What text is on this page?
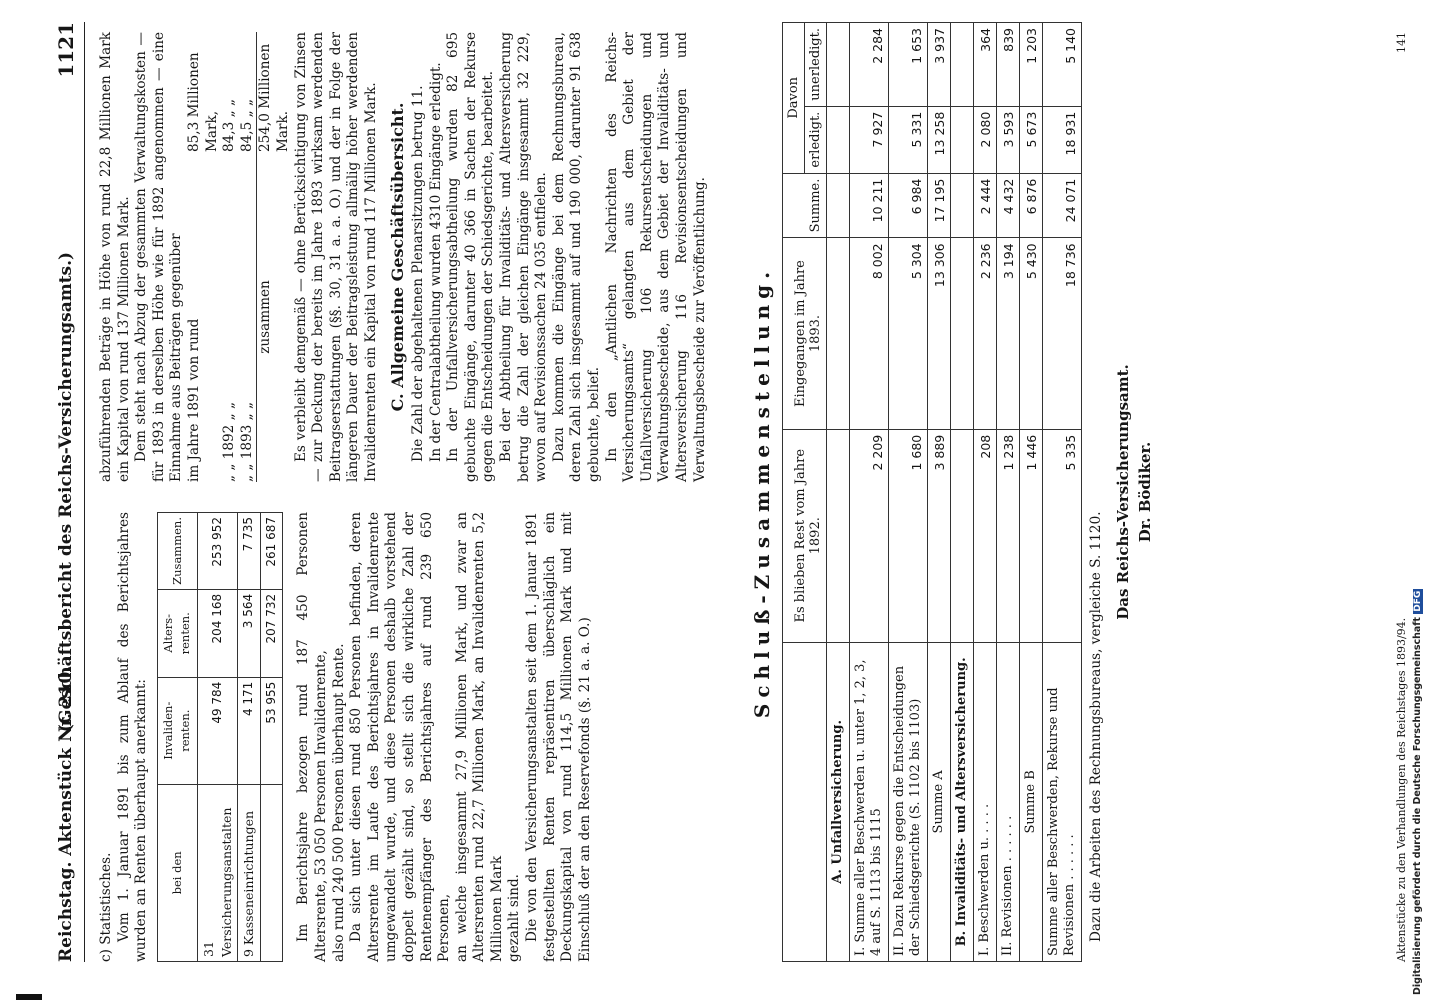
Reichstag. Aktenstück Nr. 210.
(Geschäftsbericht des Reichs-Versicherungsamts.)
1121

c) Statistisches. Vom 1. Januar 1891 bis zum Ablauf des Berichtsjahres wurden an Renten überhaupt anerkannt: bei den	Invaliden-renten.	Alters-renten.	Zusammen.
31 Versicherungsanstalten	49 784	204 168	253 952
9 Kasseneinrichtungen	4 171	3 564	7 735
	53 955	207 732	261 687 Im Berichtsjahre bezogen rund 187 450 Personen Altersrente, 53 050 Personen Invalidenrente, also rund 240 500 Personen überhaupt Rente. Da sich unter diesen rund 850 Personen befinden, deren Altersrente im Laufe des Berichtsjahres in Invalidenrente umgewandelt wurde, und diese Personen deshalb vorstehend doppelt gezählt sind, so stellt sich die wirkliche Zahl der Rentenempfänger des Berichtsjahres auf rund 239 650 Personen, an welche insgesammt 27,9 Millionen Mark, und zwar an Altersrenten rund 22,7 Millionen Mark, an Invalidenrenten 5,2 Millionen Mark gezahlt sind. Die von den Versicherungsanstalten seit dem 1. Januar 1891 festgestellten Renten repräsentiren überschläglich ein Deckungskapital von rund 114,5 Millionen Mark und mit Einschluß der an den Reservefonds (§. 21 a. a. O.)

abzuführenden Beträge in Höhe von rund 22,8 Millionen Mark ein Kapital von rund 137 Millionen Mark. Dem steht nach Abzug der gesammten Verwaltungskosten — für 1893 in derselben Höhe wie für 1892 angenommen — eine Einnahme aus Beiträgen gegenüber im Jahre 1891 von rund
85,3 Millionen Mark,
„ „ 1892 „ „
84,3 „ „
„ „ 1893 „ „
84,5 „ „
zusammen
254,0 Millionen Mark. Es verbleibt demgemäß — ohne Berücksichtigung von Zinsen — zur Deckung der bereits im Jahre 1893 wirksam werdenden Beitragserstattungen (§§. 30, 31 a. a. O.) und der in Folge der längeren Dauer der Beitragsleistung allmälig höher werdenden Invalidenrenten ein Kapital von rund 117 Millionen Mark. C. Allgemeine Geschäftsübersicht. Die Zahl der abgehaltenen Plenarsitzungen betrug 11. In der Centralabtheilung wurden 4310 Eingänge erledigt. In der Unfallversicherungsabtheilung wurden 82 695 gebuchte Eingänge, darunter 40 366 in Sachen der Rekurse gegen die Entscheidungen der Schiedsgerichte, bearbeitet. Bei der Abtheilung für Invaliditäts- und Altersversicherung betrug die Zahl der gleichen Eingänge insgesammt 32 229, wovon auf Revisionssachen 24 035 entfielen. Dazu kommen die Eingänge bei dem Rechnungsbureau, deren Zahl sich insgesammt auf und 190 000, darunter 91 638 gebuchte, belief. In den „Amtlichen Nachrichten des Reichs-Versicherungsamts“ gelangten aus dem Gebiet der Unfallversicherung 106 Rekursentscheidungen und Verwaltungsbescheide, aus dem Gebiet der Invaliditäts- und Altersversicherung 116 Revisionsentscheidungen und Verwaltungsbescheide zur Veröffentlichung. Schluß-Zusammenstellung.
	Es blieben Rest vom Jahre 1892.	Eingegangen im Jahre 1893.	Summe.	Davon	
				erledigt.	unerledigt.
A. Unfallversicherung.					
I. Summe aller Beschwerden u. unter 1, 2, 3, 4 auf S. 1113 bis 1115	2 209	8 002	10 211	7 927	2 284
II. Dazu Rekurse gegen die Entscheidungen der Schiedsgerichte (S. 1102 bis 1103)	1 680	5 304	6 984	5 331	1 653
Summe A	3 889	13 306	17 195	13 258	3 937
B. Invaliditäts- und Altersversicherung.					
I. Beschwerden u. . . . .	208	2 236	2 444	2 080	364
II. Revisionen . . . . . .	1 238	3 194	4 432	3 593	839
Summe B	1 446	5 430	6 876	5 673	1 203
Summe aller Beschwerden, Rekurse und Revisionen . . . . . .	5 335	18 736	24 071	18 931	5 140

Dazu die Arbeiten des Rechnungsbureaus, vergleiche S. 1120.

Das Reichs-Versicherungsamt. Dr. Bödiker.
Aktenstücke zu den Verhandlungen des Reichstages 1893/94.
141
Digitalisierung gefördert durch die Deutsche Forschungsgemeinschaft DFG
